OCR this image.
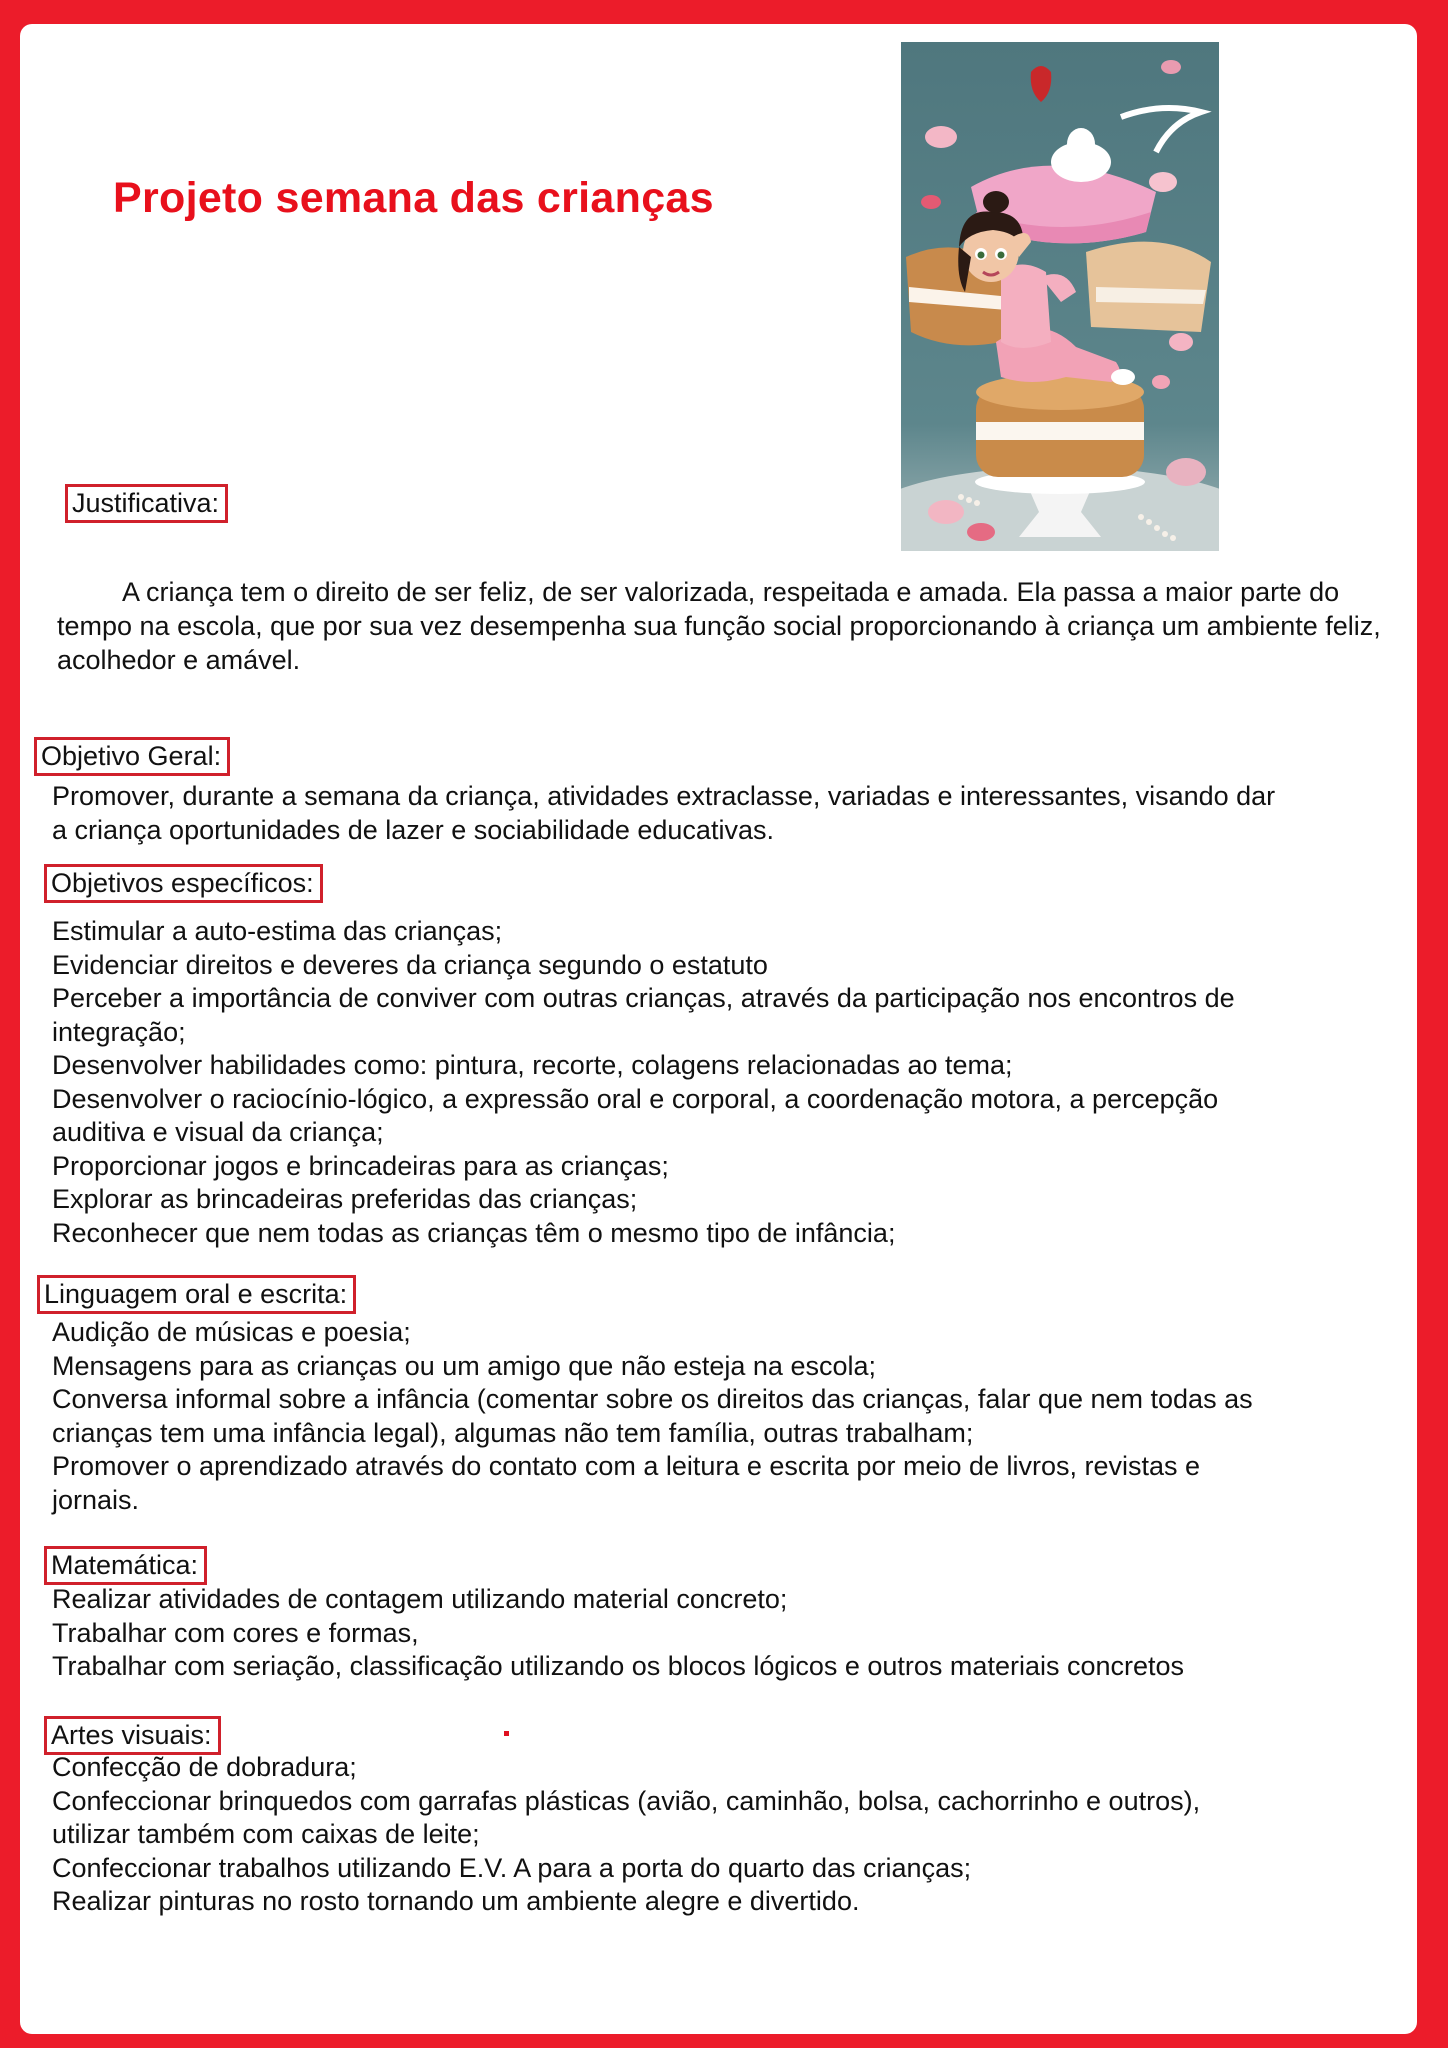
Projeto semana das crianças
Justificativa:
A criança tem o direito de ser feliz, de ser valorizada, respeitada e amada. Ela passa a maior parte do tempo na escola, que por sua vez desempenha sua função social proporcionando à criança um ambiente feliz, acolhedor e amável.
Objetivo Geral:
Promover, durante a semana da criança, atividades extraclasse, variadas e interessantes, visando dar
a criança oportunidades de lazer e sociabilidade educativas.
Objetivos específicos:
Estimular a auto-estima das crianças;
Evidenciar direitos e deveres da criança segundo o estatuto
Perceber a importância de conviver com outras crianças, através da participação nos encontros de
integração;
Desenvolver habilidades como: pintura, recorte, colagens relacionadas ao tema;
Desenvolver o raciocínio-lógico, a expressão oral e corporal, a coordenação motora, a percepção
auditiva e visual da criança;
Proporcionar jogos e brincadeiras para as crianças;
Explorar as brincadeiras preferidas das crianças;
Reconhecer que nem todas as crianças têm o mesmo tipo de infância;
Linguagem oral e escrita:
Audição de músicas e poesia;
Mensagens para as crianças ou um amigo que não esteja na escola;
Conversa informal sobre a infância (comentar sobre os direitos das crianças, falar que nem todas as
crianças tem uma infância legal), algumas não tem família, outras trabalham;
Promover o aprendizado através do contato com a leitura e escrita por meio de livros, revistas e
jornais.
Matemática:
Realizar atividades de contagem utilizando material concreto;
Trabalhar com cores e formas,
Trabalhar com seriação, classificação utilizando os blocos lógicos e outros materiais concretos
Artes visuais:
Confecção de dobradura;
Confeccionar brinquedos com garrafas plásticas (avião, caminhão, bolsa, cachorrinho e outros),
utilizar também com caixas de leite;
Confeccionar trabalhos utilizando E.V. A para a porta do quarto das crianças;
Realizar pinturas no rosto tornando um ambiente alegre e divertido.
